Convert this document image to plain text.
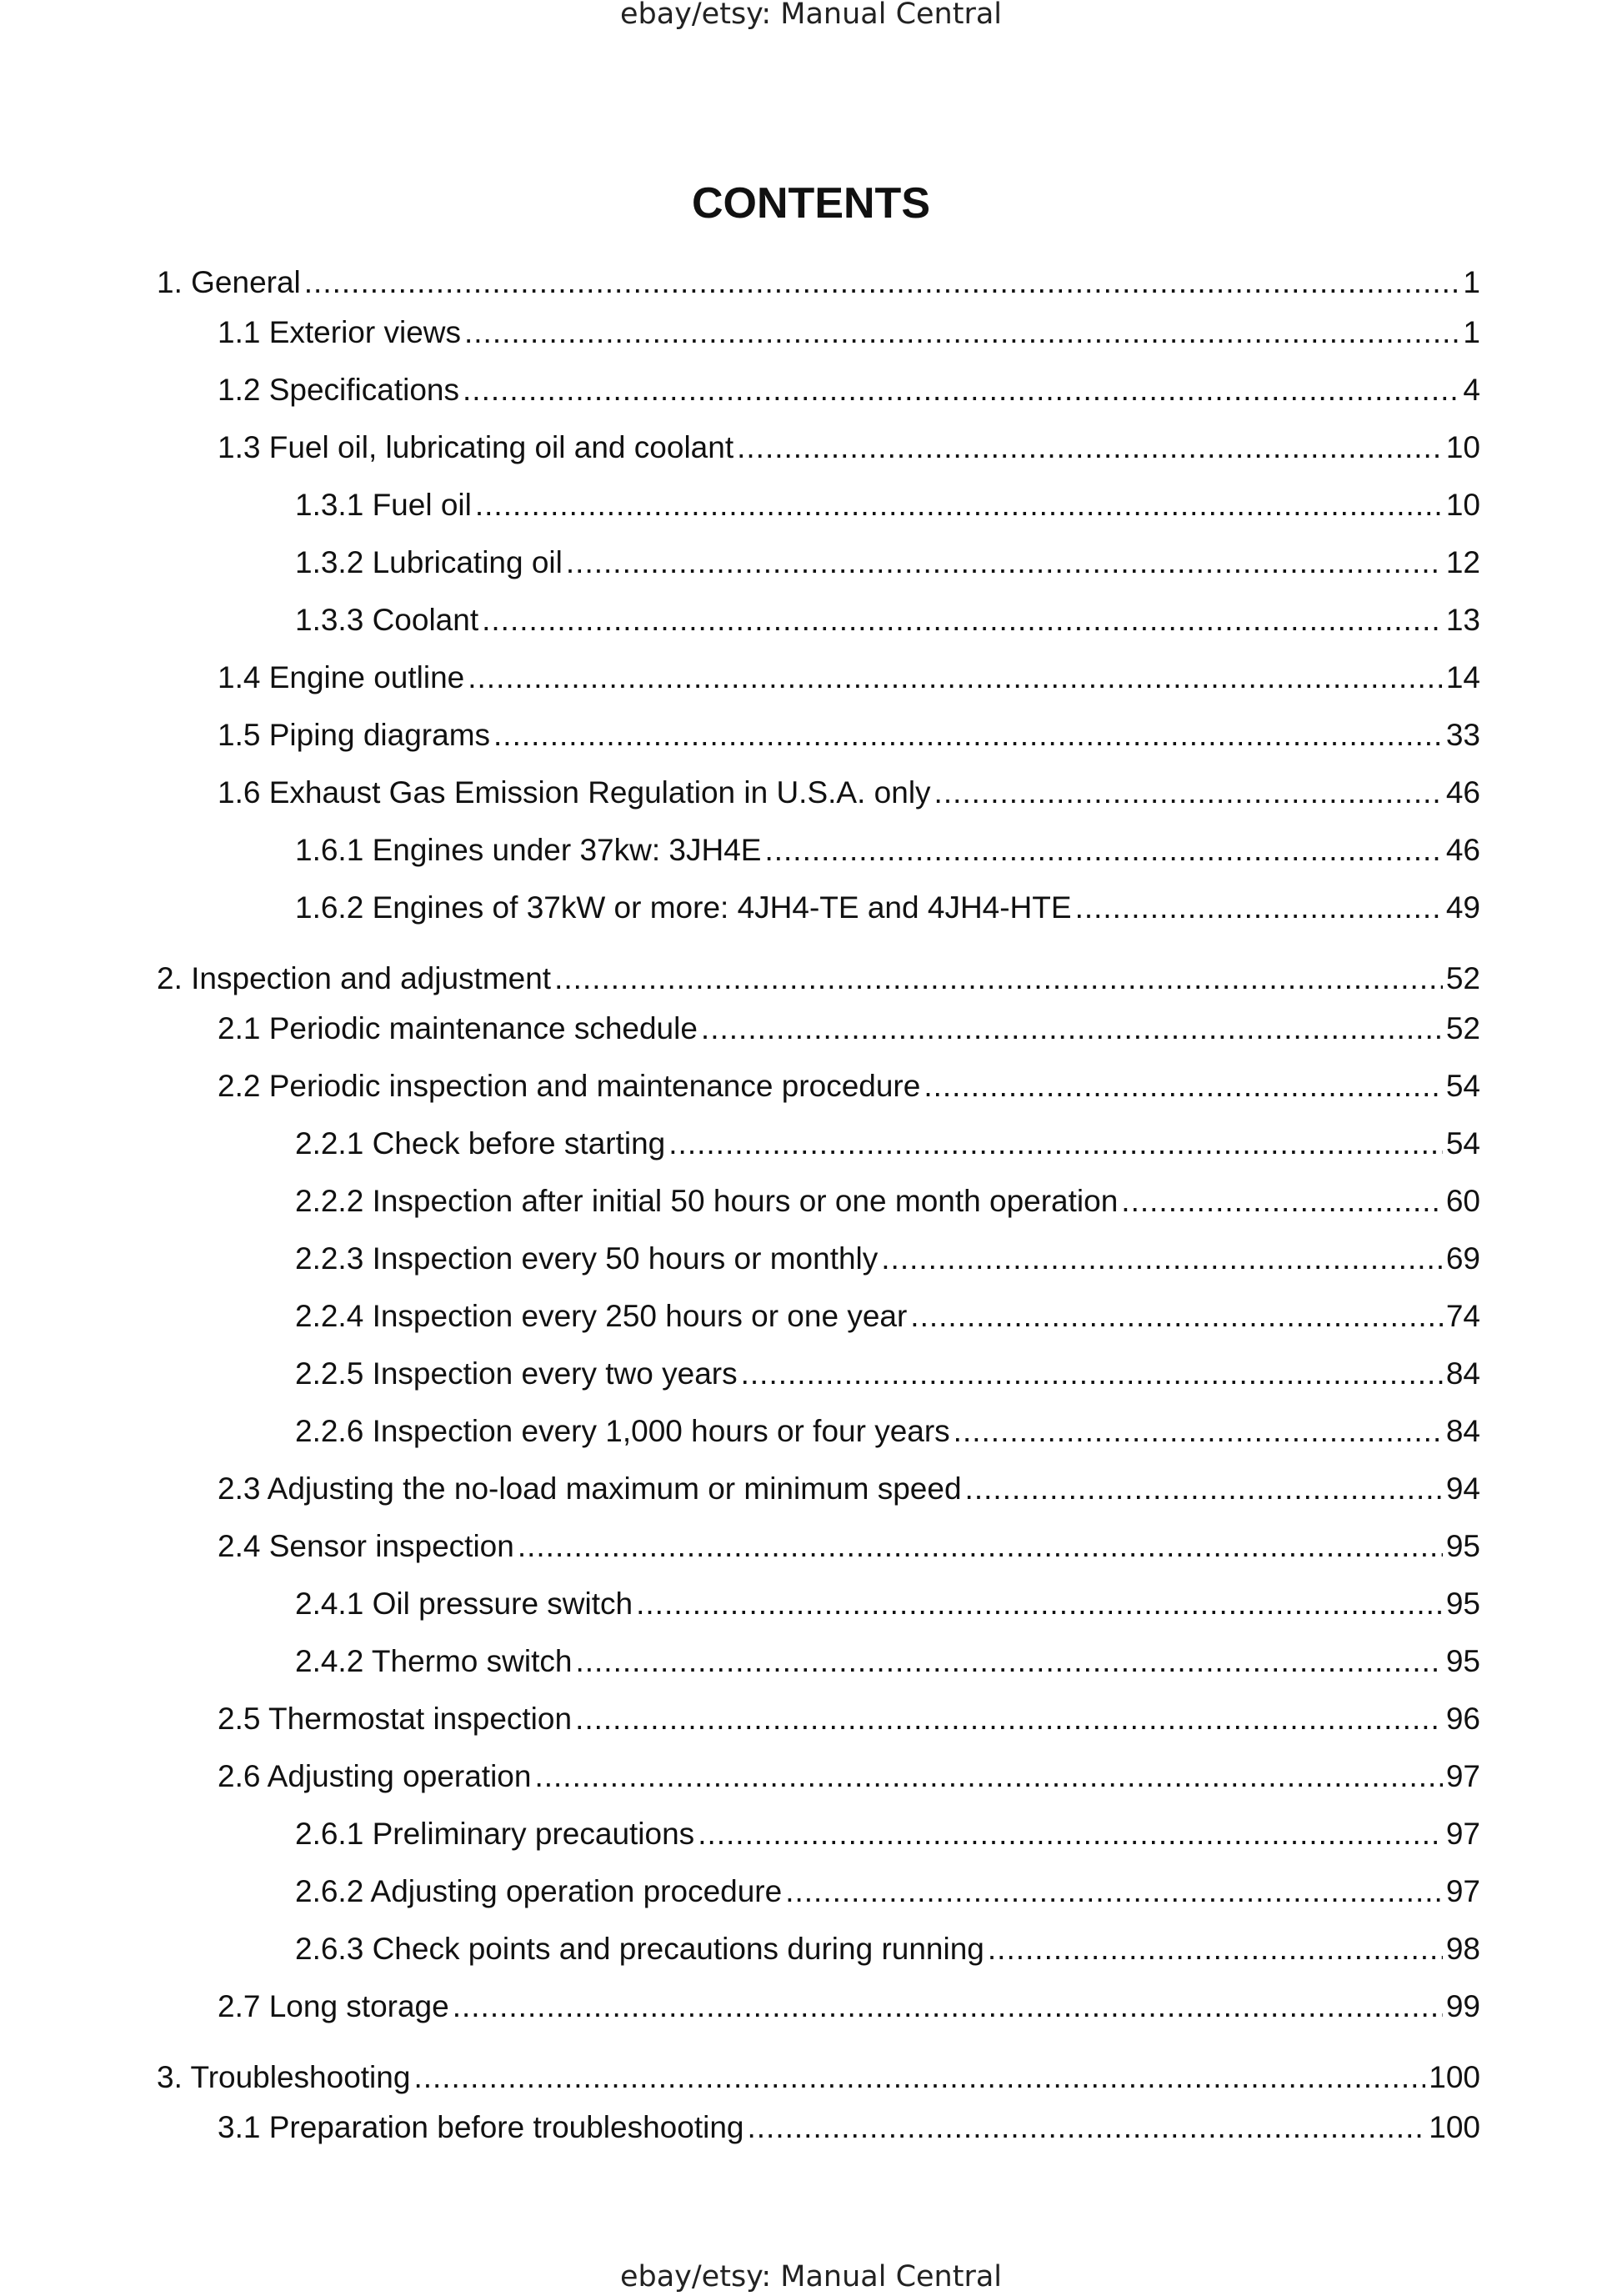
ebay/etsy: Manual Central
CONTENTS
1. General .....	1
1.1 Exterior views .....	1
1.2 Specifications .....	4
1.3 Fuel oil, lubricating oil and coolant .....	10
1.3.1 Fuel oil .....	10
1.3.2 Lubricating oil .....	12
1.3.3 Coolant .....	13
1.4 Engine outline .....	14
1.5 Piping diagrams .....	33
1.6 Exhaust Gas Emission Regulation in U.S.A. only .....	46
1.6.1 Engines under 37kw: 3JH4E .....	46
1.6.2 Engines of 37kW or more: 4JH4-TE and 4JH4-HTE .....	49
2. Inspection and adjustment .....	52
2.1 Periodic maintenance schedule .....	52
2.2 Periodic inspection and maintenance procedure .....	54
2.2.1 Check before starting .....	54
2.2.2 Inspection after initial 50 hours or one month operation .....	60
2.2.3 Inspection every 50 hours or monthly .....	69
2.2.4 Inspection every 250 hours or one year .....	74
2.2.5 Inspection every two years .....	84
2.2.6 Inspection every 1,000 hours or four years .....	84
2.3 Adjusting the no-load maximum or minimum speed .....	94
2.4 Sensor inspection .....	95
2.4.1 Oil pressure switch .....	95
2.4.2 Thermo switch .....	95
2.5 Thermostat inspection .....	96
2.6 Adjusting operation .....	97
2.6.1 Preliminary precautions .....	97
2.6.2 Adjusting operation procedure .....	97
2.6.3 Check points and precautions during running .....	98
2.7 Long storage .....	99
3. Troubleshooting .....	100
3.1 Preparation before troubleshooting .....	100
ebay/etsy: Manual Central
